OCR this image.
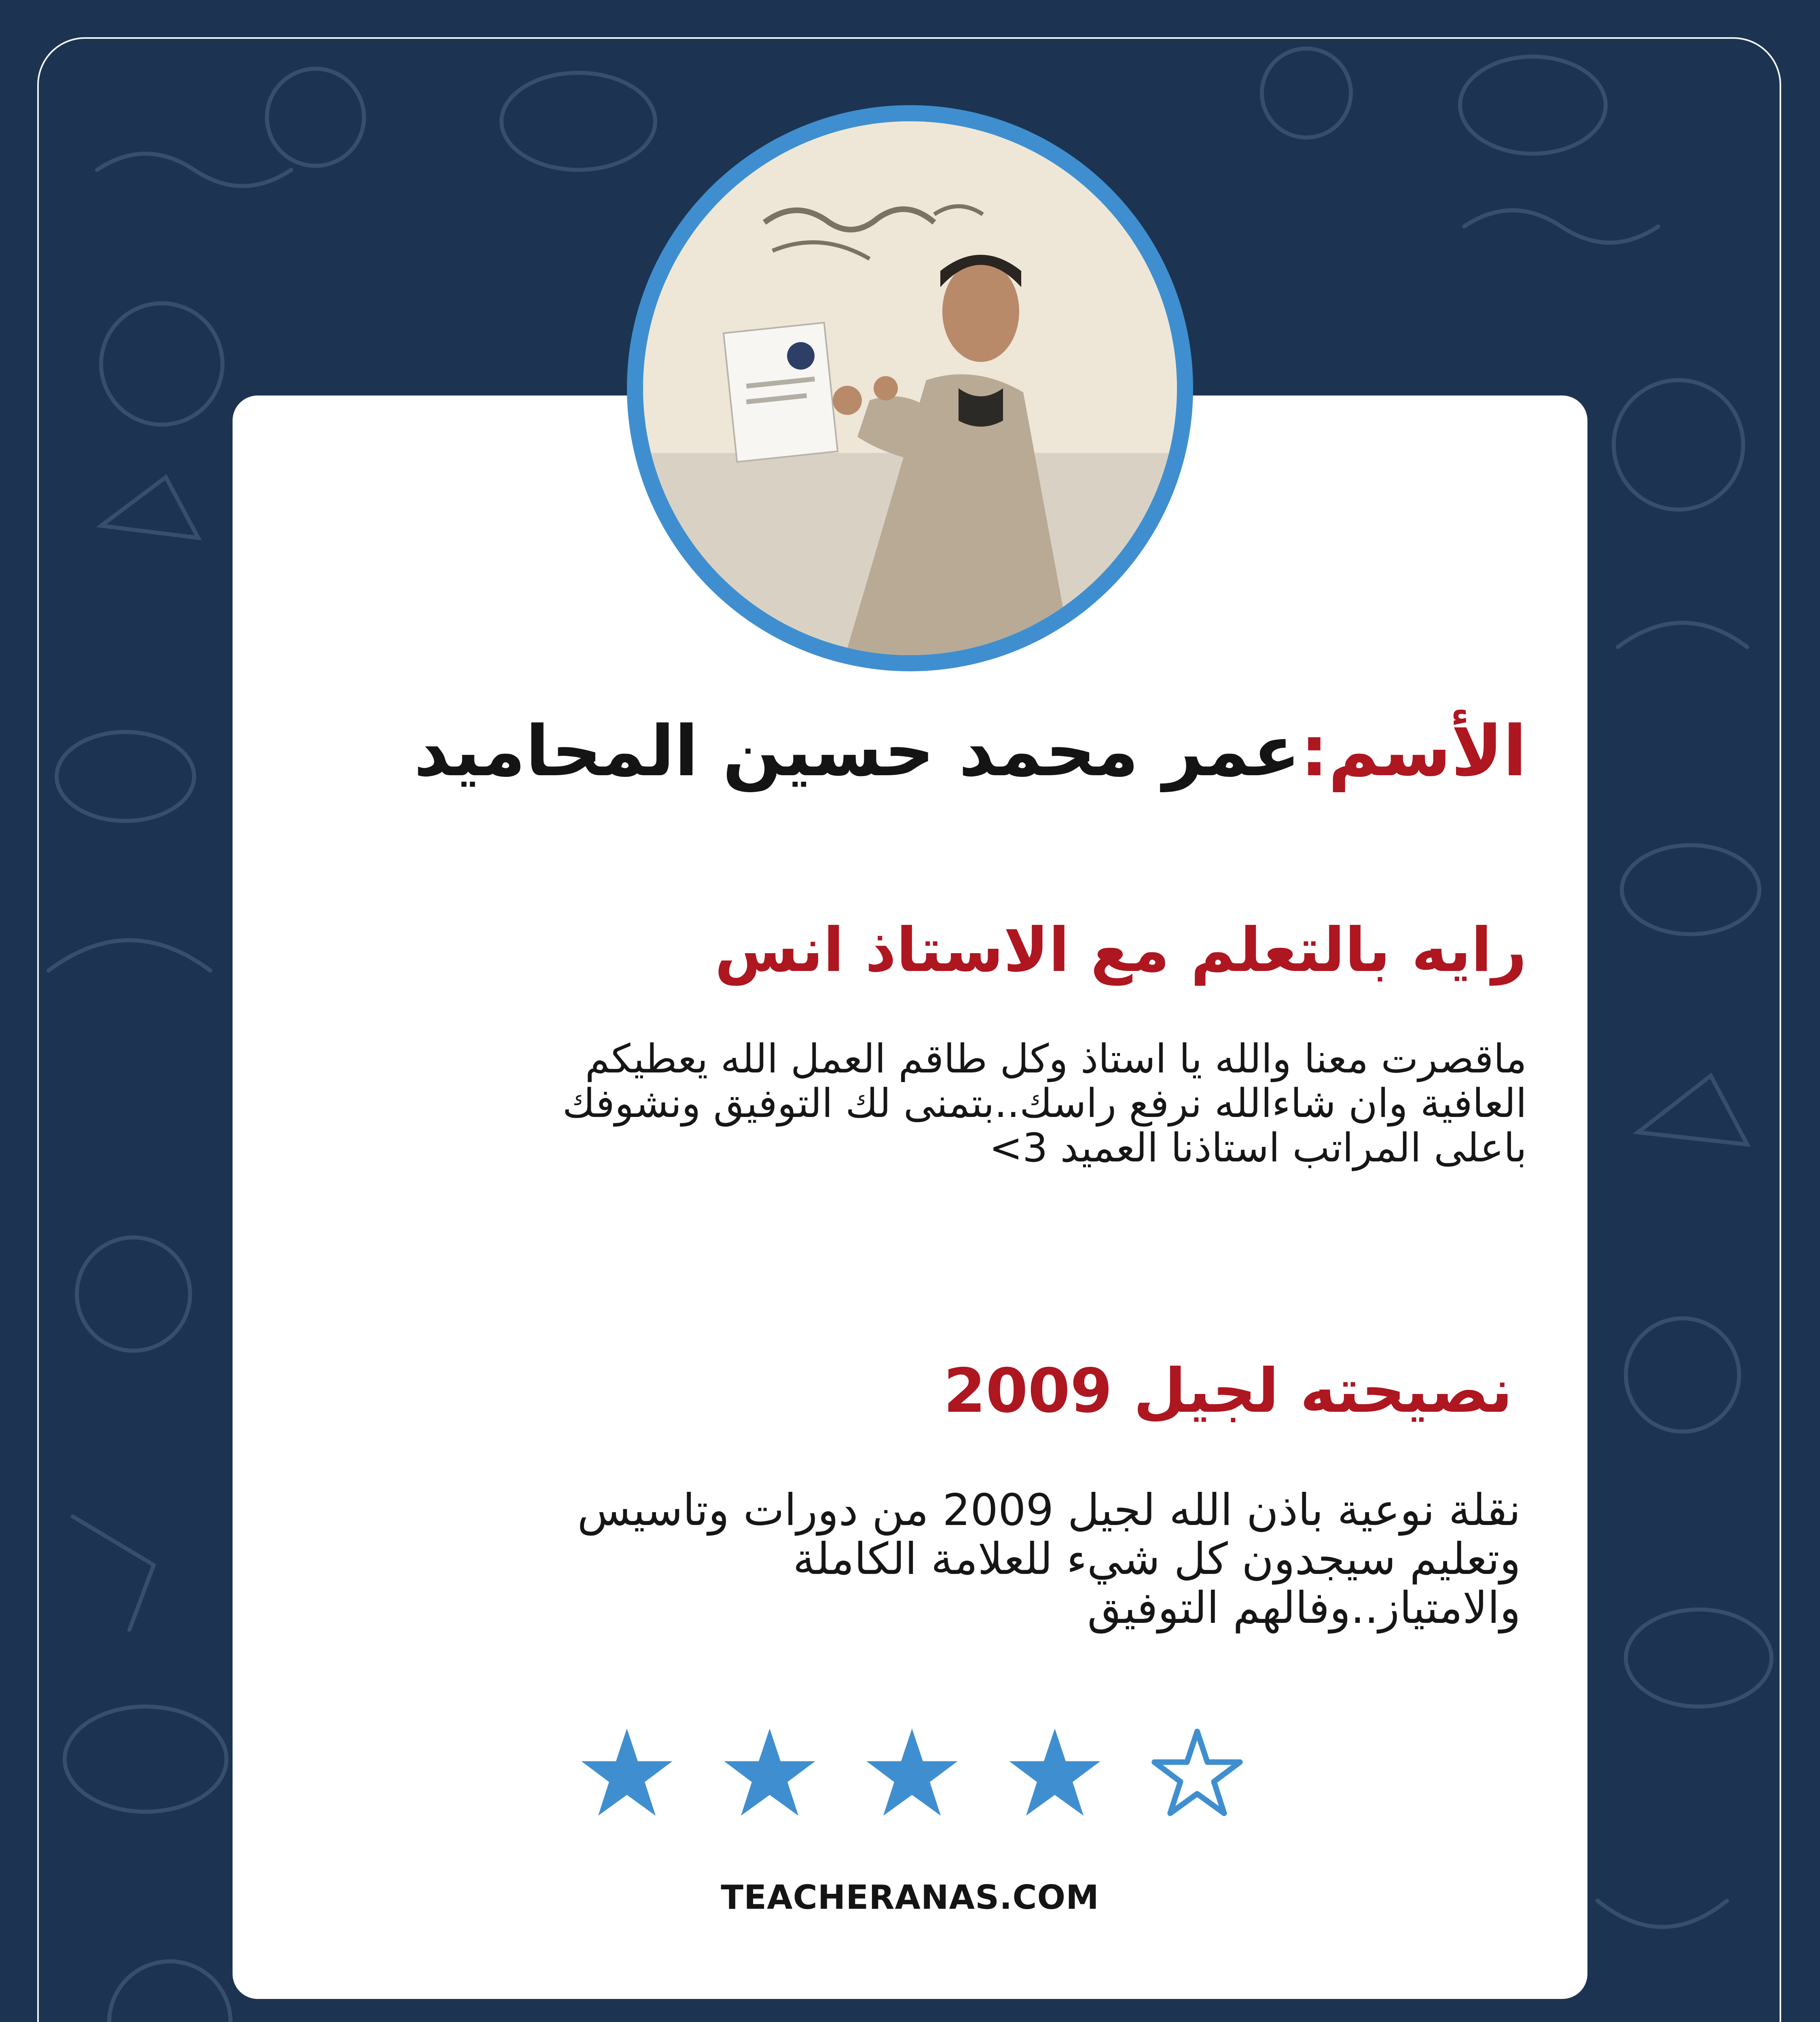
الأسم:عمر محمد حسين المحاميد
رايه بالتعلم مع الاستاذ انس
ماقصرت معنا والله يا استاذ وكل طاقم العمل الله يعطيكم
العافية وان شاءالله نرفع راسك..بتمنى لك التوفيق ونشوفك
باعلى المراتب استاذنا العميد 3>
نصيحته لجيل 2009
نقلة نوعية باذن الله لجيل 2009 من دورات وتاسيس
وتعليم سيجدون كل شيء للعلامة الكاملة
والامتياز..وفالهم التوفيق
TEACHERANAS.COM
